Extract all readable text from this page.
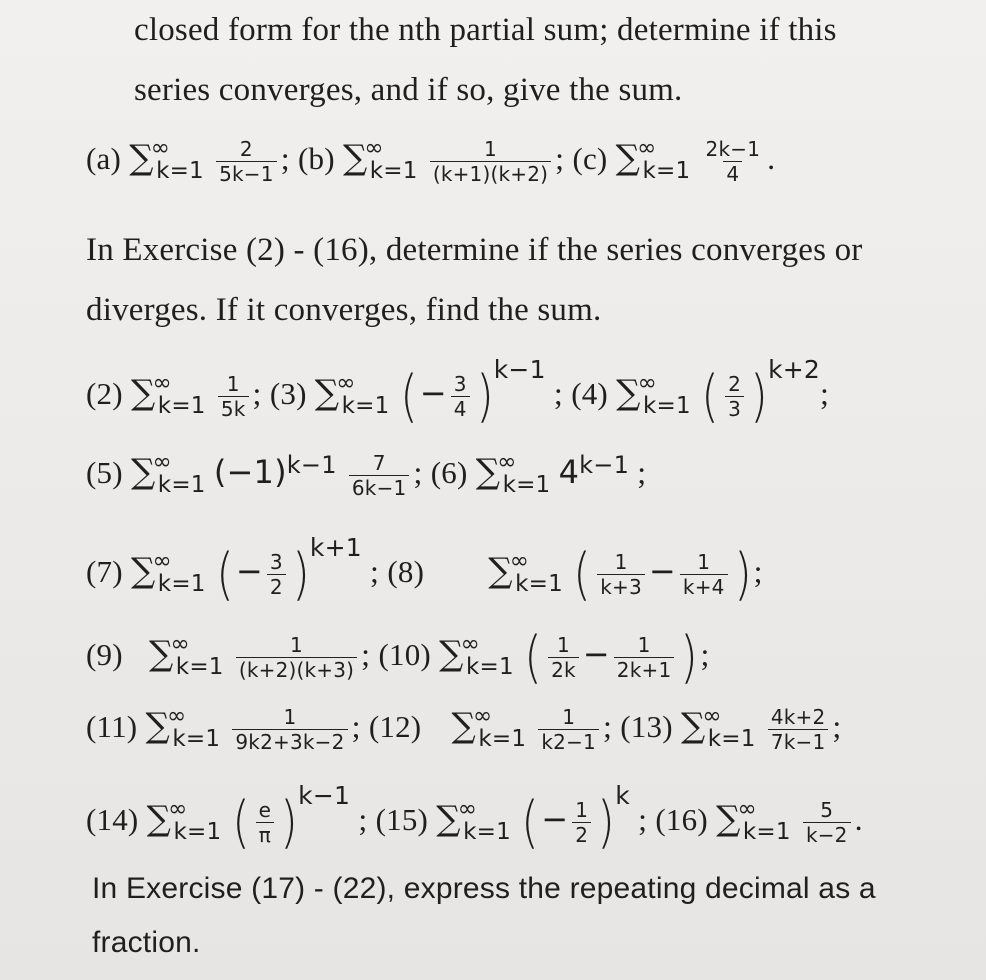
closed form for the nth partial sum; determine if this
series converges, and if so, give the sum.
(a) $\sum^\infty_{k=1} \frac{2}{5k-1}$ ; (b) $\sum^\infty_{k=1} \frac{1}{(k+1)(k+2)}$ ; (c) $\sum^\infty_{k=1} \frac{2k-1}{4}$ .
In Exercise (2) - (16), determine if the series converges or
diverges. If it converges, find the sum.
(2) $\sum^\infty_{k=1} \frac{1}{5k}$ ; (3) $\sum^\infty_{k=1}$ (− $\frac{3}{4} )^{k-1}$ ; (4) $\sum^\infty_{k=1}$ ( $\frac{2}{3} )^{k+2}$;
(5) $\sum^\infty_{k=1}$ $(-1)^{k-1} \frac{7}{6k-1}$ ; (6) $\sum^\infty_{k=1}$ $4^{k-1}$ ;
(7) $\sum^\infty_{k=1}$ (− $\frac{3}{2} )^{k+1}$ ; (8) $\sum^\infty_{k=1}$ ( $\frac{1}{k+3} - \frac{1}{k+4}$ );
(9) $\sum^\infty_{k=1} \frac{1}{(k+2)(k+3)}$ ; (10) $\sum^\infty_{k=1}$ ( $\frac{1}{2k} - \frac{1}{2k+1}$ );
(11) $\sum^\infty_{k=1} \frac{1}{9k2+3k-2}$ ; (12) $\sum^\infty_{k=1} \frac{1}{k2-1}$ ; (13) $\sum^\infty_{k=1} \frac{4k+2}{7k-1}$ ;
(14) $\sum^\infty_{k=1}$ ( $\frac{e}{\pi} )^{k-1}$ ; (15) $\sum^\infty_{k=1}$ (− $\frac{1}{2} )^k$ ; (16) $\sum^\infty_{k=1} \frac{5}{k-2}$ .
In Exercise (17) - (22), express the repeating decimal as a
fraction.
